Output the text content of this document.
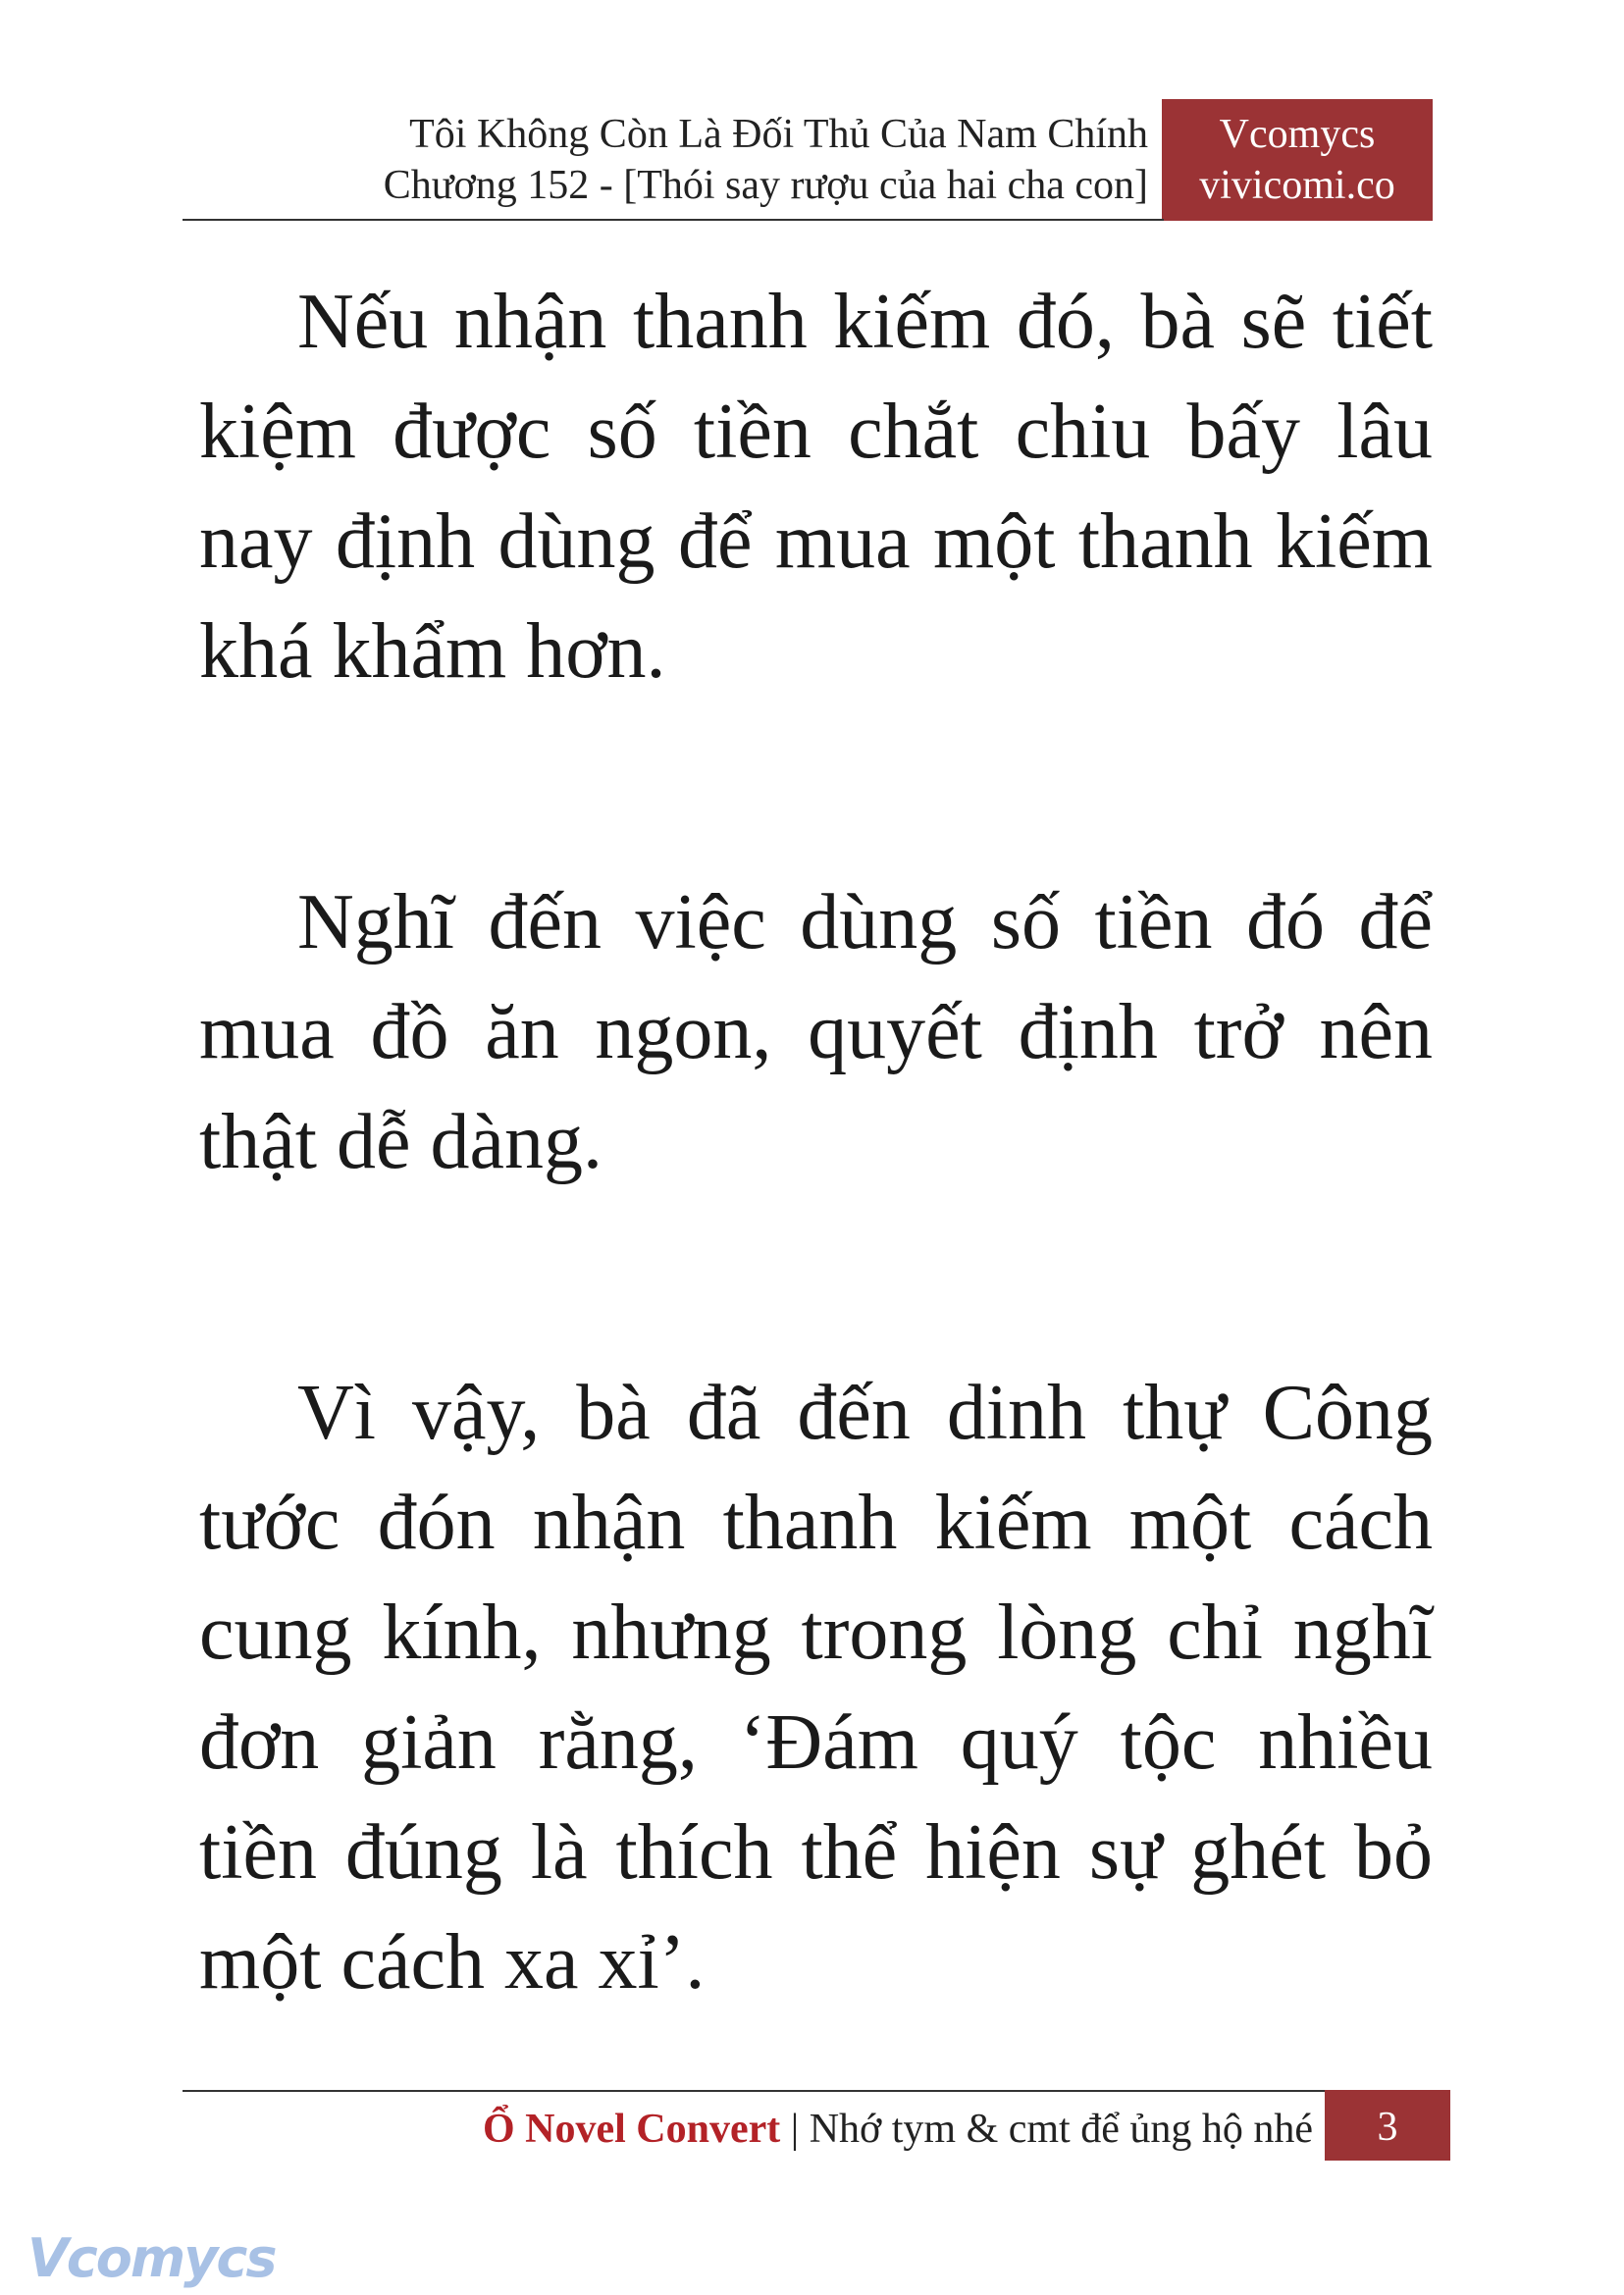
Tôi Không Còn Là Đối Thủ Của Nam Chính
Chương 152 - [Thói say rượu của hai cha con]
Vcomycs
vivicomi.co

Nếu nhận thanh kiếm đó, bà sẽ tiết kiệm được số tiền chắt chiu bấy lâu nay định dùng để mua một thanh kiếm khá khẩm hơn.

Nghĩ đến việc dùng số tiền đó để mua đồ ăn ngon, quyết định trở nên thật dễ dàng.

Vì vậy, bà đã đến dinh thự Công tước đón nhận thanh kiếm một cách cung kính, nhưng trong lòng chỉ nghĩ đơn giản rằng, ‘Đám quý tộc nhiều tiền đúng là thích thể hiện sự ghét bỏ một cách xa xỉ’.

Ổ Novel Convert | Nhớ tym & cmt để ủng hộ nhé	3
Vcomycs
